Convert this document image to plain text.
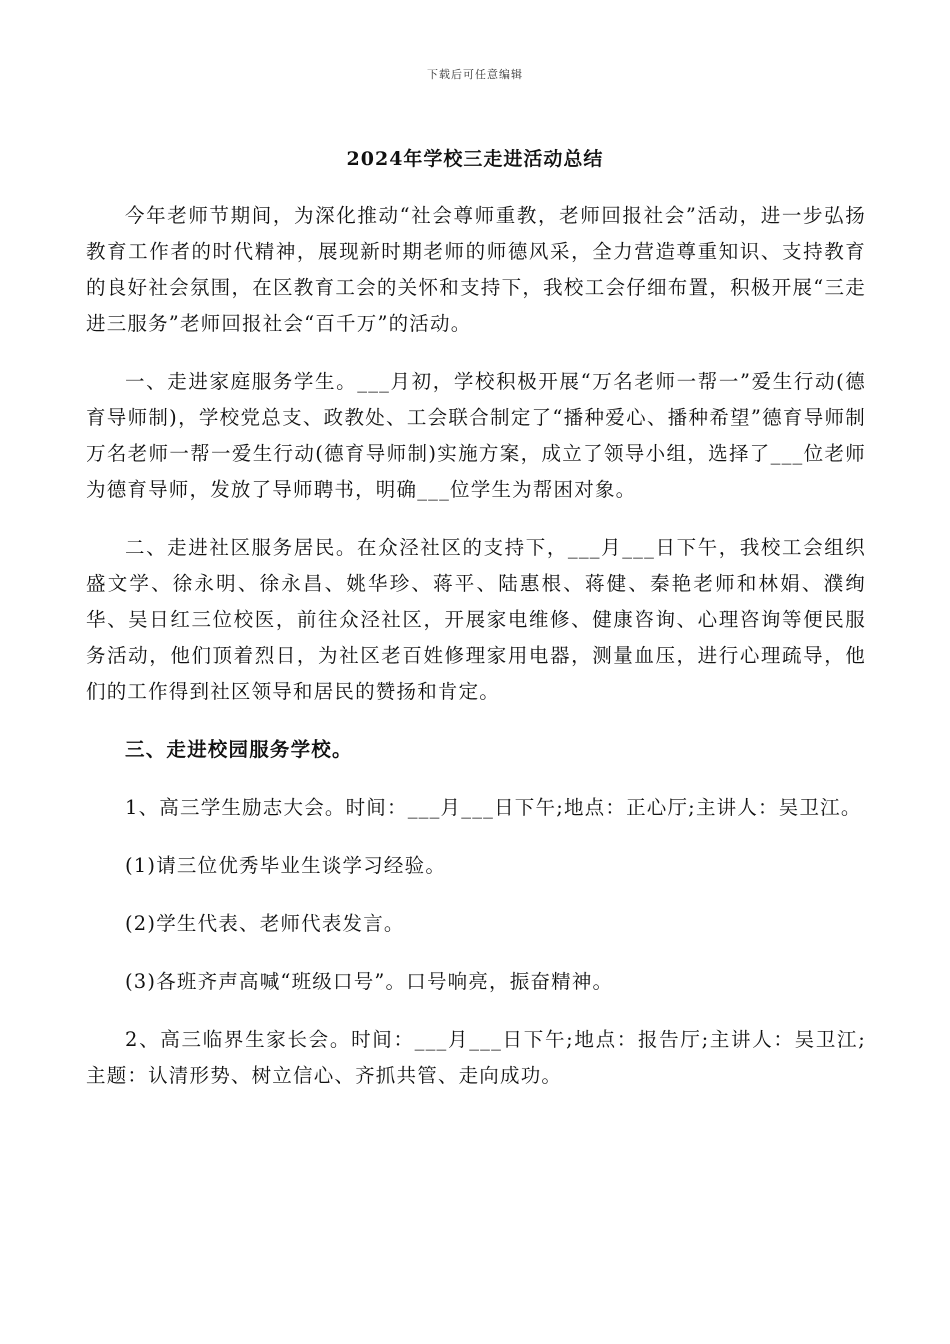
下载后可任意编辑
2024年学校三走进活动总结

今年老师节期间，为深化推动“社会尊师重教，老师回报社会”活动，进一步弘扬教育工作者的时代精神，展现新时期老师的师德风采，全力营造尊重知识、支持教育的良好社会氛围，在区教育工会的关怀和支持下，我校工会仔细布置，积极开展“三走进三服务”老师回报社会“百千万”的活动。

一、走进家庭服务学生。___月初，学校积极开展“万名老师一帮一”爱生行动(德育导师制)，学校党总支、政教处、工会联合制定了“播种爱心、播种希望”德育导师制万名老师一帮一爱生行动(德育导师制)实施方案，成立了领导小组，选择了___位老师为德育导师，发放了导师聘书，明确___位学生为帮困对象。

二、走进社区服务居民。在众泾社区的支持下，___月___日下午，我校工会组织盛文学、徐永明、徐永昌、姚华珍、蒋平、陆惠根、蒋健、秦艳老师和林娟、濮绚华、吴日红三位校医，前往众泾社区，开展家电维修、健康咨询、心理咨询等便民服务活动，他们顶着烈日，为社区老百姓修理家用电器，测量血压，进行心理疏导，他们的工作得到社区领导和居民的赞扬和肯定。

三、走进校园服务学校。

1、高三学生励志大会。时间：___月___日下午;地点：正心厅;主讲人：吴卫江。

(1)请三位优秀毕业生谈学习经验。

(2)学生代表、老师代表发言。

(3)各班齐声高喊“班级口号”。口号响亮，振奋精神。

2、高三临界生家长会。时间：___月___日下午;地点：报告厅;主讲人：吴卫江;主题：认清形势、树立信心、齐抓共管、走向成功。
